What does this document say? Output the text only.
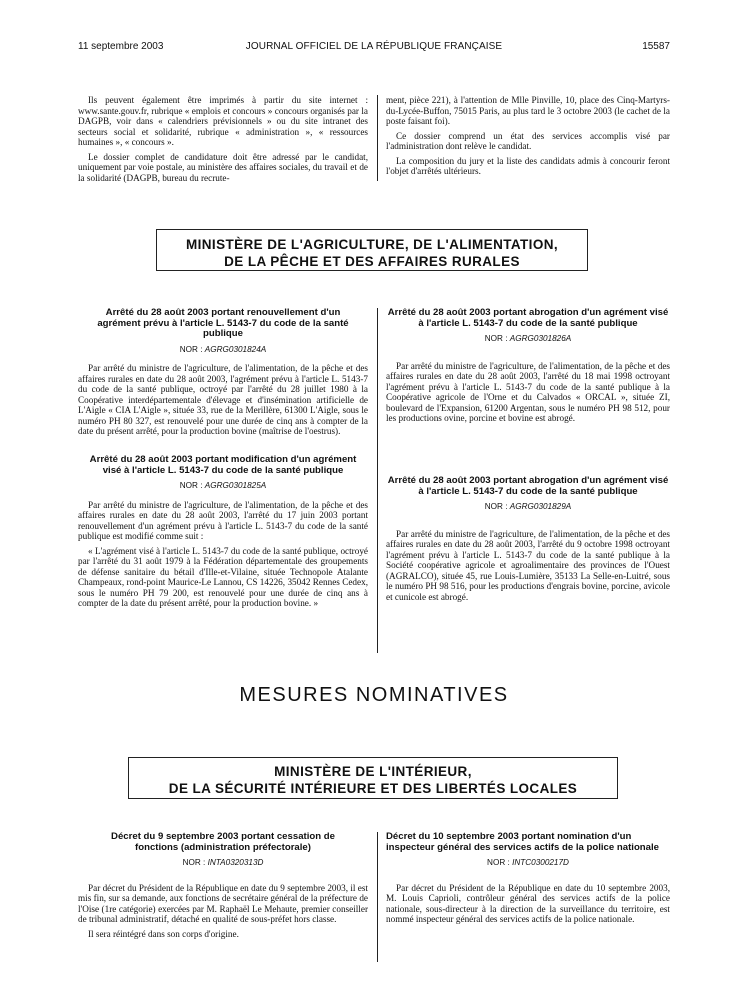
11 septembre 2003	JOURNAL OFFICIEL DE LA RÉPUBLIQUE FRANÇAISE	15587

Ils peuvent également être imprimés à partir du site internet : www.sante.gouv.fr, rubrique « emplois et concours » concours organisés par la DAGPB, voir dans « calendriers prévisionnels » ou du site intranet des secteurs social et solidarité, rubrique « administration », « ressources humaines », « concours ».

Le dossier complet de candidature doit être adressé par le candidat, uniquement par voie postale, au ministère des affaires sociales, du travail et de la solidarité (DAGPB, bureau du recrute-

ment, pièce 221), à l'attention de Mlle Pinville, 10, place des Cinq-Martyrs-du-Lycée-Buffon, 75015 Paris, au plus tard le 3 octobre 2003 (le cachet de la poste faisant foi).

Ce dossier comprend un état des services accomplis visé par l'administration dont relève le candidat.

La composition du jury et la liste des candidats admis à concourir feront l'objet d'arrêtés ultérieurs.

MINISTÈRE DE L'AGRICULTURE, DE L'ALIMENTATION,
DE LA PÊCHE ET DES AFFAIRES RURALES
Arrêté du 28 août 2003 portant renouvellement d'un agrément prévu à l'article L. 5143-7 du code de la santé publique
NOR : AGRG0301824A

Par arrêté du ministre de l'agriculture, de l'alimentation, de la pêche et des affaires rurales en date du 28 août 2003, l'agrément prévu à l'article L. 5143-7 du code de la santé publique, octroyé par l'arrêté du 28 juillet 1980 à la Coopérative interdépartementale d'élevage et d'insémination artificielle de L'Aigle « CIA L'Aigle », située 33, rue de la Merillère, 61300 L'Aigle, sous le numéro PH 80 327, est renouvelé pour une durée de cinq ans à compter de la date du présent arrêté, pour la production bovine (maîtrise de l'oestrus).

Arrêté du 28 août 2003 portant modification d'un agrément visé à l'article L. 5143-7 du code de la santé publique
NOR : AGRG0301825A

Par arrêté du ministre de l'agriculture, de l'alimentation, de la pêche et des affaires rurales en date du 28 août 2003, l'arrêté du 17 juin 2003 portant renouvellement d'un agrément prévu à l'article L. 5143-7 du code de la santé publique est modifié comme suit :

« L'agrément visé à l'article L. 5143-7 du code de la santé publique, octroyé par l'arrêté du 31 août 1979 à la Fédération départementale des groupements de défense sanitaire du bétail d'Ille-et-Vilaine, située Technopole Atalante Champeaux, rond-point Maurice-Le Lannou, CS 14226, 35042 Rennes Cedex, sous le numéro PH 79 200, est renouvelé pour une durée de cinq ans à compter de la date du présent arrêté, pour la production bovine. »

Arrêté du 28 août 2003 portant abrogation d'un agrément visé à l'article L. 5143-7 du code de la santé publique
NOR : AGRG0301826A

Par arrêté du ministre de l'agriculture, de l'alimentation, de la pêche et des affaires rurales en date du 28 août 2003, l'arrêté du 18 mai 1998 octroyant l'agrément prévu à l'article L. 5143-7 du code de la santé publique à la Coopérative agricole de l'Orne et du Calvados « ORCAL », située ZI, boulevard de l'Expansion, 61200 Argentan, sous le numéro PH 98 512, pour les productions ovine, porcine et bovine est abrogé.

Arrêté du 28 août 2003 portant abrogation d'un agrément visé à l'article L. 5143-7 du code de la santé publique
NOR : AGRG0301829A

Par arrêté du ministre de l'agriculture, de l'alimentation, de la pêche et des affaires rurales en date du 28 août 2003, l'arrêté du 9 octobre 1998 octroyant l'agrément prévu à l'article L. 5143-7 du code de la santé publique à la Société coopérative agricole et agroalimentaire des provinces de l'Ouest (AGRALCO), située 45, rue Louis-Lumière, 35133 La Selle-en-Luitré, sous le numéro PH 98 516, pour les productions d'engrais bovine, porcine, avicole et cunicole est abrogé.

MESURES NOMINATIVES
MINISTÈRE DE L'INTÉRIEUR,
DE LA SÉCURITÉ INTÉRIEURE ET DES LIBERTÉS LOCALES
Décret du 9 septembre 2003 portant cessation de fonctions (administration préfectorale)
NOR : INTA0320313D

Par décret du Président de la République en date du 9 septembre 2003, il est mis fin, sur sa demande, aux fonctions de secrétaire général de la préfecture de l'Oise (1re catégorie) exercées par M. Raphaël Le Mehaute, premier conseiller de tribunal administratif, détaché en qualité de sous-préfet hors classe.

Il sera réintégré dans son corps d'origine.

Décret du 10 septembre 2003 portant nomination d'un inspecteur général des services actifs de la police nationale
NOR : INTC0300217D

Par décret du Président de la République en date du 10 septembre 2003, M. Louis Caprioli, contrôleur général des services actifs de la police nationale, sous-directeur à la direction de la surveillance du territoire, est nommé inspecteur général des services actifs de la police nationale.
